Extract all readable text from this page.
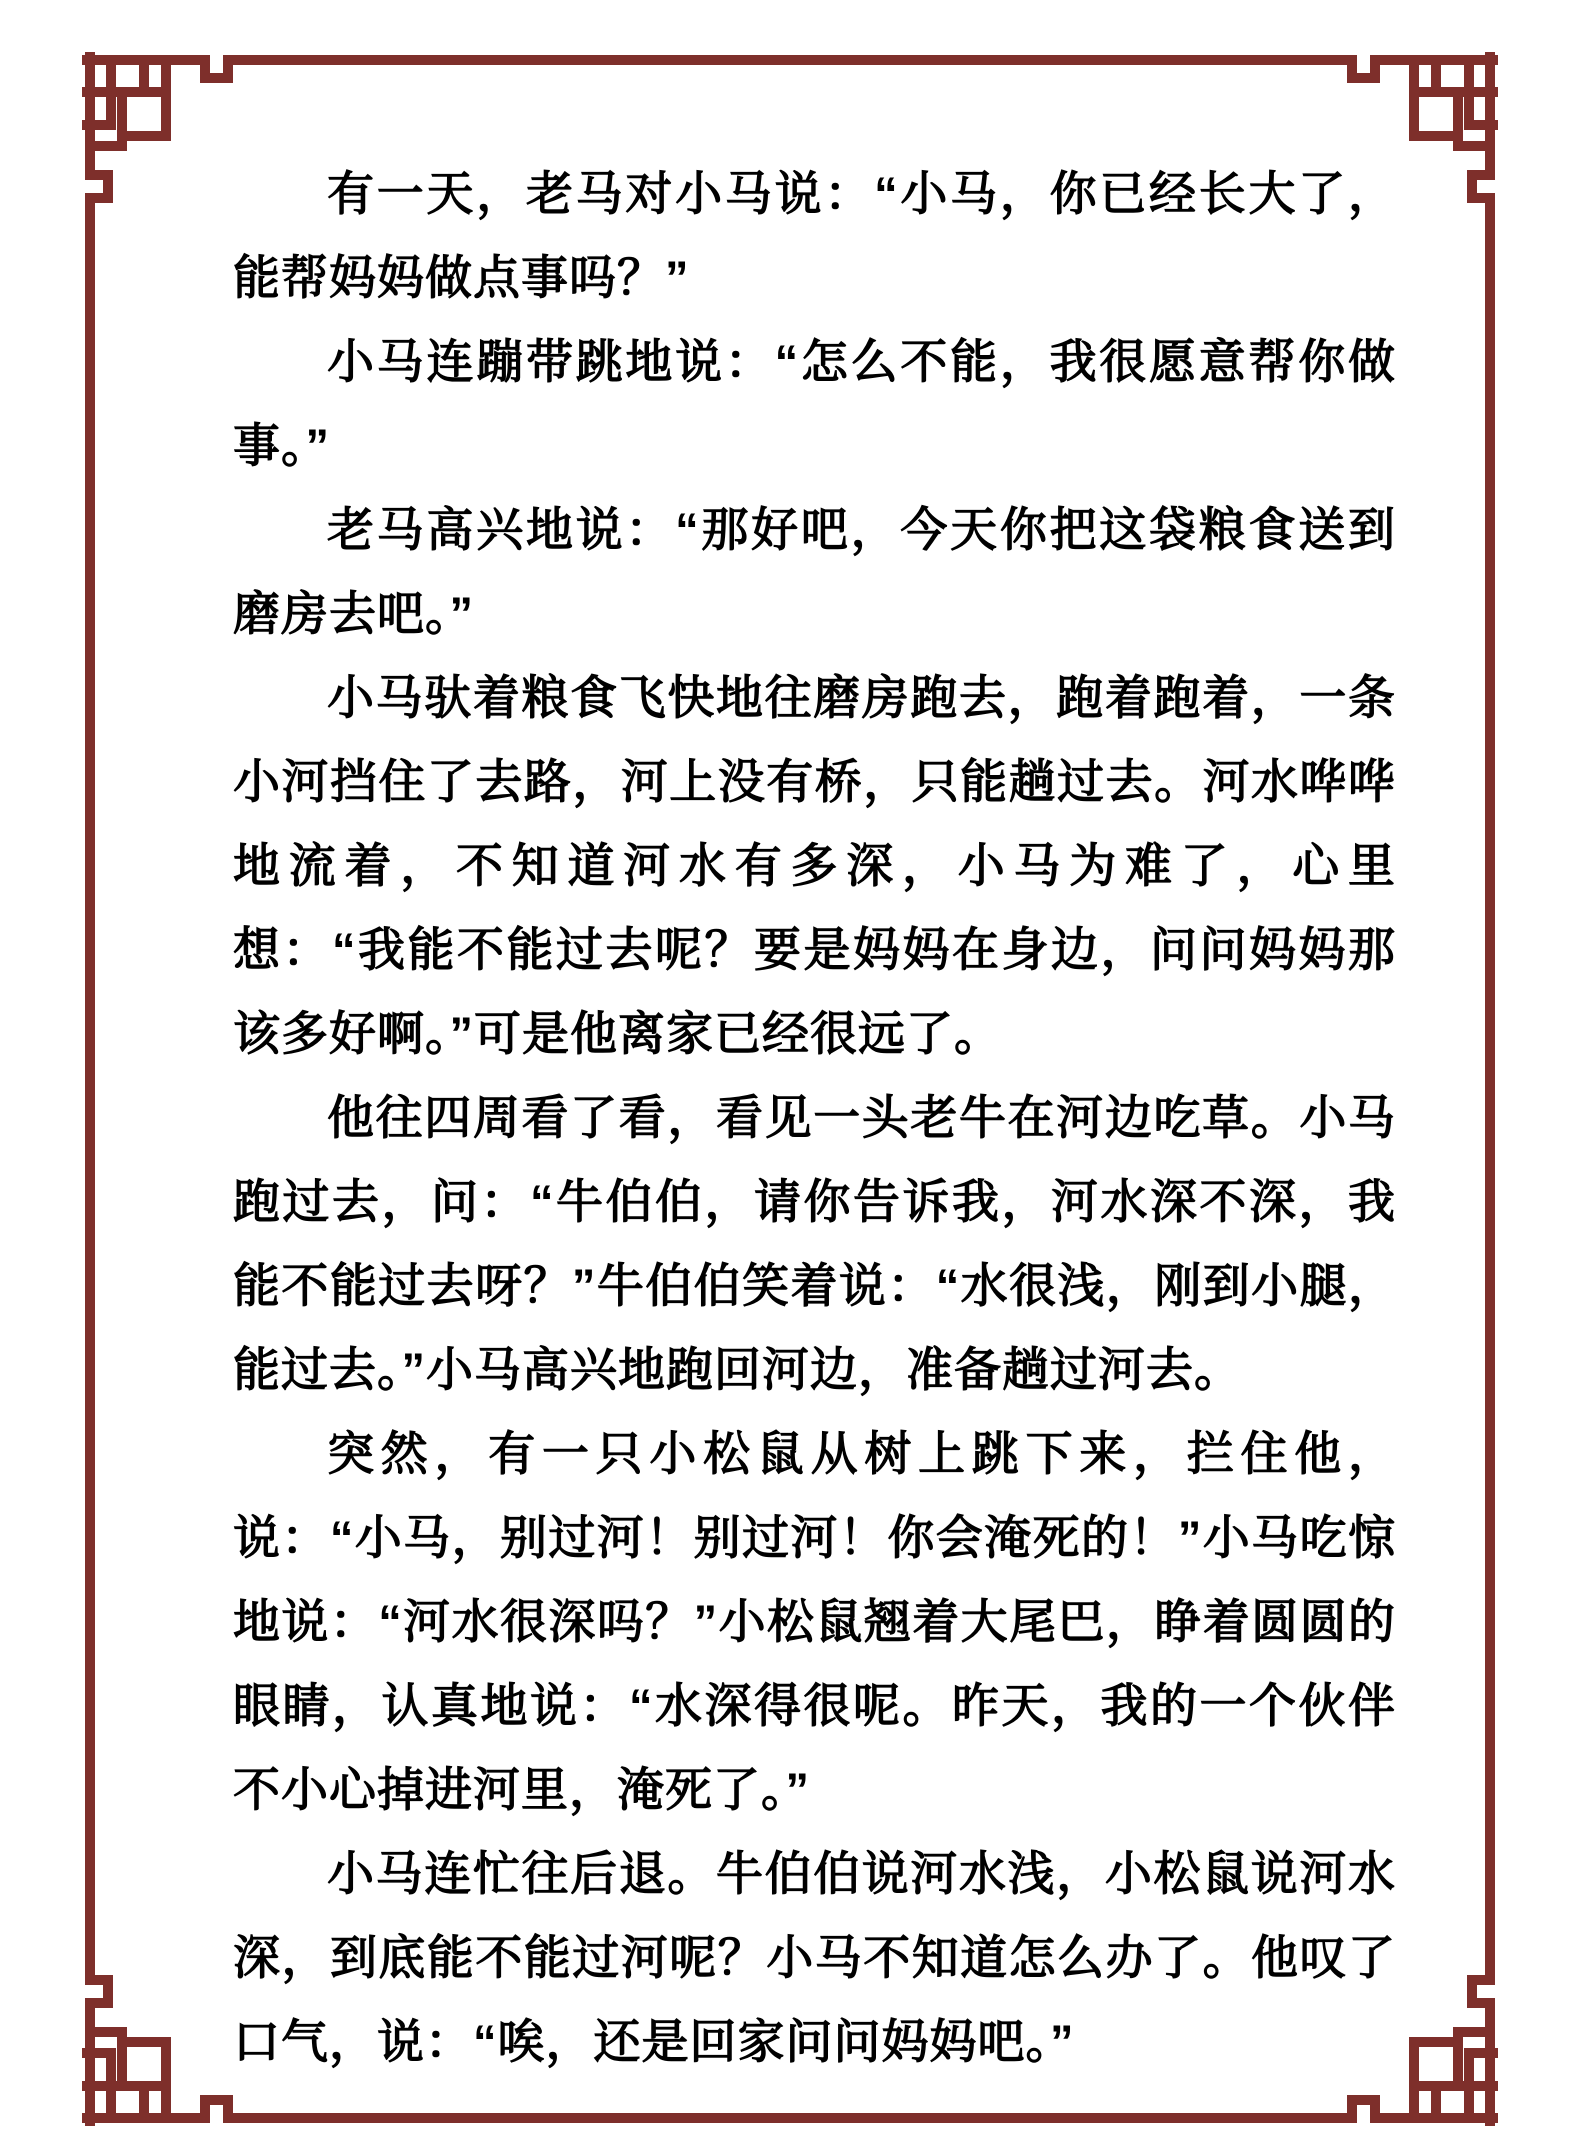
有一天，老马对小马说：“小马，你已经长大了，能帮妈妈做点事吗？”

小马连蹦带跳地说：“怎么不能，我很愿意帮你做事。”

老马高兴地说：“那好吧，今天你把这袋粮食送到磨房去吧。”

小马驮着粮食飞快地往磨房跑去，跑着跑着，一条小河挡住了去路，河上没有桥，只能趟过去。河水哗哗地流着，不知道河水有多深，小马为难了，心里想：“我能不能过去呢？要是妈妈在身边，问问妈妈那该多好啊。”可是他离家已经很远了。

他往四周看了看，看见一头老牛在河边吃草。小马跑过去，问：“牛伯伯，请你告诉我，河水深不深，我能不能过去呀？”牛伯伯笑着说：“水很浅，刚到小腿，能过去。”小马高兴地跑回河边，准备趟过河去。

突然，有一只小松鼠从树上跳下来，拦住他，说：“小马，别过河！别过河！你会淹死的！”小马吃惊地说：“河水很深吗？”小松鼠翘着大尾巴，睁着圆圆的眼睛，认真地说：“水深得很呢。昨天，我的一个伙伴不小心掉进河里，淹死了。”

小马连忙往后退。牛伯伯说河水浅，小松鼠说河水深，到底能不能过河呢？小马不知道怎么办了。他叹了口气，说：“唉，还是回家问问妈妈吧。”
